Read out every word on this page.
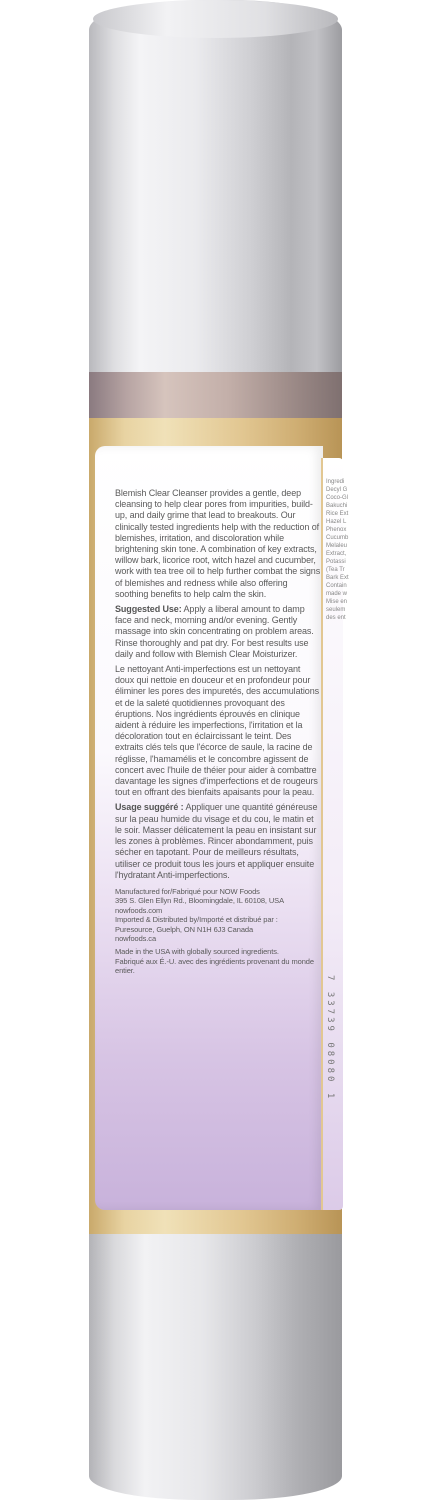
Ingredi
Decyl G
Coco-Gl
Bakuchi
Rice Ext
Hazel L
Phenox
Cucumb
Melaleu
Extract,
Potassi
(Tea Tr
Bark Ext
Contain
made w
Mise en
seulem
des ent
7 33739 08080 1

Blemish Clear Cleanser provides a gentle, deep cleansing to help clear pores from impurities, build-up, and daily grime that lead to breakouts. Our clinically tested ingredients help with the reduction of blemishes, irritation, and discoloration while brightening skin tone. A combination of key extracts, willow bark, licorice root, witch hazel and cucumber, work with tea tree oil to help further combat the signs of blemishes and redness while also offering soothing benefits to help calm the skin.

Suggested Use: Apply a liberal amount to damp face and neck, morning and/or evening. Gently massage into skin concentrating on problem areas. Rinse thoroughly and pat dry. For best results use daily and follow with Blemish Clear Moisturizer.

Le nettoyant Anti-imperfections est un nettoyant doux qui nettoie en douceur et en profondeur pour éliminer les pores des impuretés, des accumulations et de la saleté quotidiennes provoquant des éruptions. Nos ingrédients éprouvés en clinique aident à réduire les imperfections, l'irritation et la décoloration tout en éclaircissant le teint. Des extraits clés tels que l'écorce de saule, la racine de réglisse, l'hamamélis et le concombre agissent de concert avec l'huile de théier pour aider à combattre davantage les signes d'imperfections et de rougeurs tout en offrant des bienfaits apaisants pour la peau.

Usage suggéré : Appliquer une quantité généreuse sur la peau humide du visage et du cou, le matin et le soir. Masser délicatement la peau en insistant sur les zones à problèmes. Rincer abondamment, puis sécher en tapotant. Pour de meilleurs résultats, utiliser ce produit tous les jours et appliquer ensuite l'hydratant Anti-imperfections.

Manufactured for/Fabriqué pour NOW Foods
395 S. Glen Ellyn Rd., Bloomingdale, IL 60108, USA
nowfoods.com
Imported & Distributed by/Importé et distribué par :
Puresource, Guelph, ON N1H 6J3 Canada
nowfoods.ca

Made in the USA with globally sourced ingredients.
Fabriqué aux É.-U. avec des ingrédients provenant du monde entier.
